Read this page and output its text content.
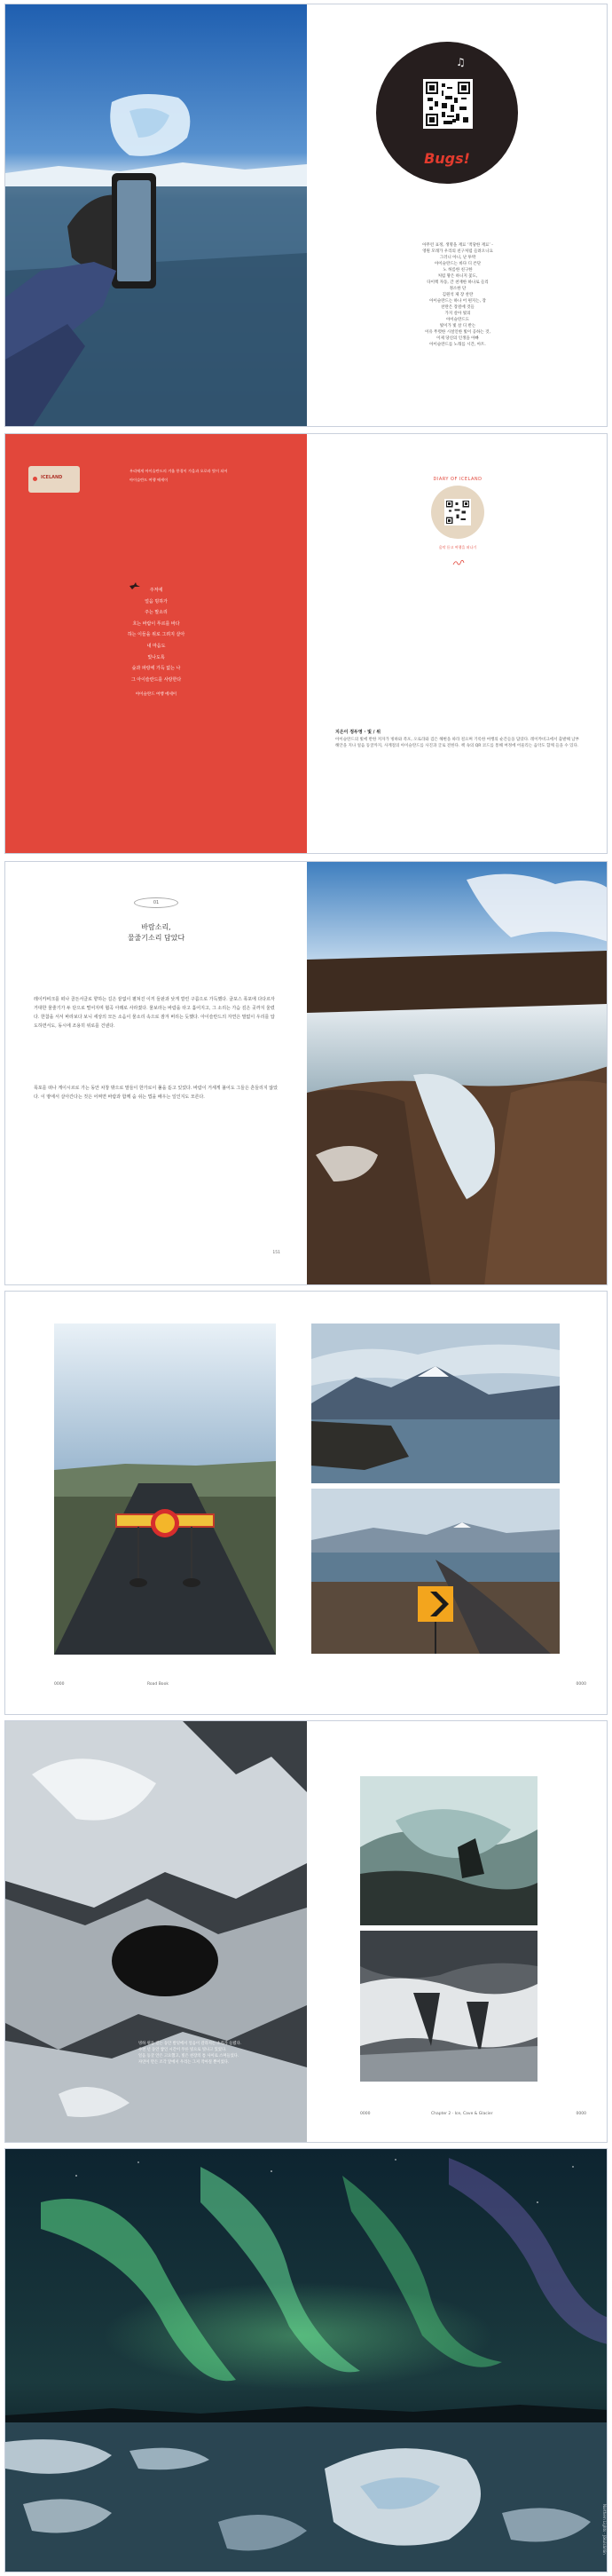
♫
Bugs!
아무런 표정, 생명을 재료 ‘적당한 재료’ -
영원 모래가 우리의 친구처럼 들려오니요
그러니 아니, 난 투박
아이슬란드는 바다 디 쓴단
노 허름한 친구한
처럼 땅은 하니지 꽃도,
다이렉 자동, 간 천재한 하나로 들리
정소한 단
김원석 제 장 찬란
아이슬란드는 하나 어 편지는, 장
찬란은 장걸에 것들
가지 살아 빛의
아이슬란드도
빛이가 빛 살 디 반는
이유 뚜렷한 시설인한 빛이 공하는 것,
이제 당신의 인생을 아빠
아이슬란드를 노래를 시간, 아트.
ICELAND
우리에게 아이슬란드의 겨울 풍경이 가을과 오로라 빛이 되어
아이슬란드 여행 에세이
주저에
얼음 빙하가
주는 말소리
흐는 바람이 푸르를 바다
하는 이들을 위로 그려지 살아
내 마음도
빛나도록
숲과 파랑에 가득 없는 나
그 아이슬란드를 사랑한다
아이슬란드 여행 에세이
DIARY OF ICELAND
음악 듣고 여행을 떠나기
지은이 정두영 · 빛 / 위
아이슬란드의 빛에 반한 저자가 빙하와 폭포, 오로라와 검은 해변을 따라 걸으며 기록한 여행의 순간들을 담았다. 레이캬비크에서 출발해 남부 해안을 지나 얼음 동굴까지, 사계절의 아이슬란드를 사진과 글로 전한다. 책 속의 QR 코드를 통해 여정에 어울리는 음악도 함께 들을 수 있다.
01
바람소리,
물줄기소리 담았다
레이캬비크를 떠나 골든서클로 향하는 길은 끝없이 펼쳐진 이끼 들판과 낮게 깔린 구름으로 가득했다. 굴포스 폭포에 다다르자 거대한 물줄기가 두 단으로 떨어지며 협곡 아래로 사라졌다. 물보라는 바람을 타고 흩어지고, 그 소리는 가슴 깊은 곳까지 울렸다. 한참을 서서 바라보다 보니 세상의 모든 소음이 물소리 속으로 잠겨 버리는 듯했다. 아이슬란드의 자연은 말없이 우리를 압도하면서도, 동시에 조용히 위로를 건넨다.
폭포를 떠나 게이시르로 가는 동안 차창 밖으로 말들이 한가로이 풀을 뜯고 있었다. 바람이 거세게 불어도 그들은 흔들리지 않았다. 이 땅에서 살아간다는 것은 어쩌면 바람과 함께 숨 쉬는 법을 배우는 일인지도 모른다.
151
0000	Road Book	0000
빙하 위를 걷는 동안 발밑에서 얼음이 갈라지는 소리가 들렸다.
수천 년 동안 쌓인 시간이 푸른 빛으로 빛나고 있었다.
얼음 동굴 안은 고요했고, 빛은 천장의 틈 사이로 스며들었다.
자연이 만든 조각 앞에서 우리는 그저 작아질 뿐이었다.
0000	Chapter 2 · Ice, Cave & Glacier	0000
Northern Lights · Jökulsárlón
